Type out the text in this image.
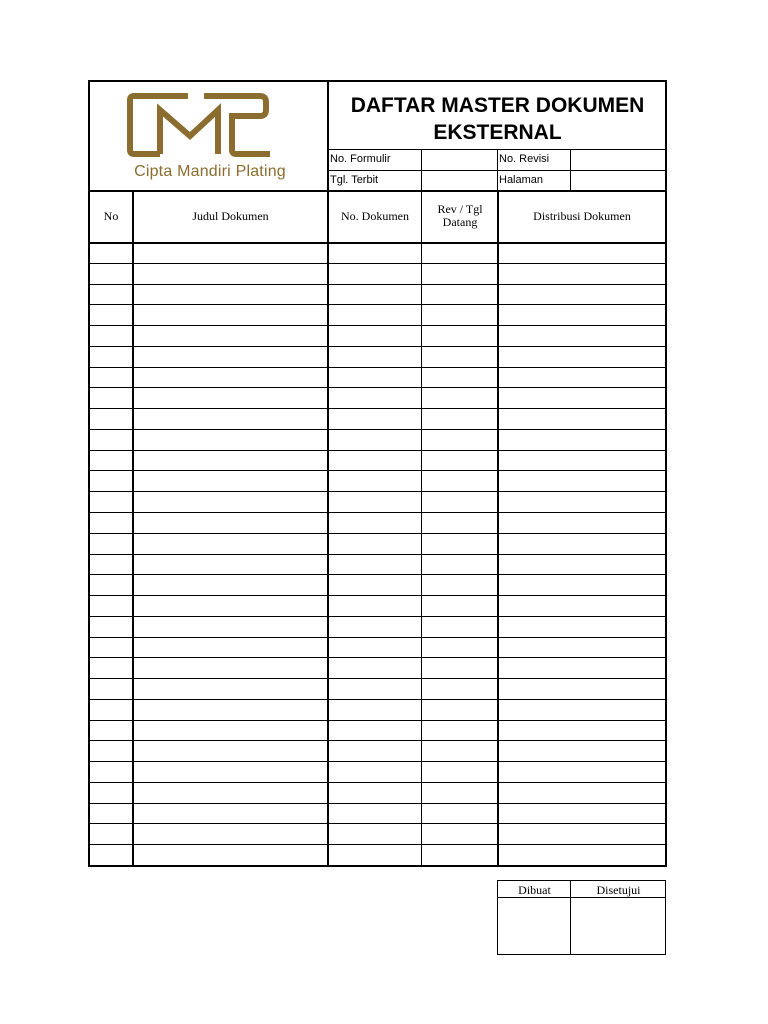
Cipta Mandiri Plating
DAFTAR MASTER DOKUMEN EKSTERNAL
No. Formulir	No. Revisi
Tgl. Terbit	Halaman
No	Judul Dokumen	No. Dokumen	Rev / Tgl Datang	Distribusi Dokumen
Dibuat	Disetujui
